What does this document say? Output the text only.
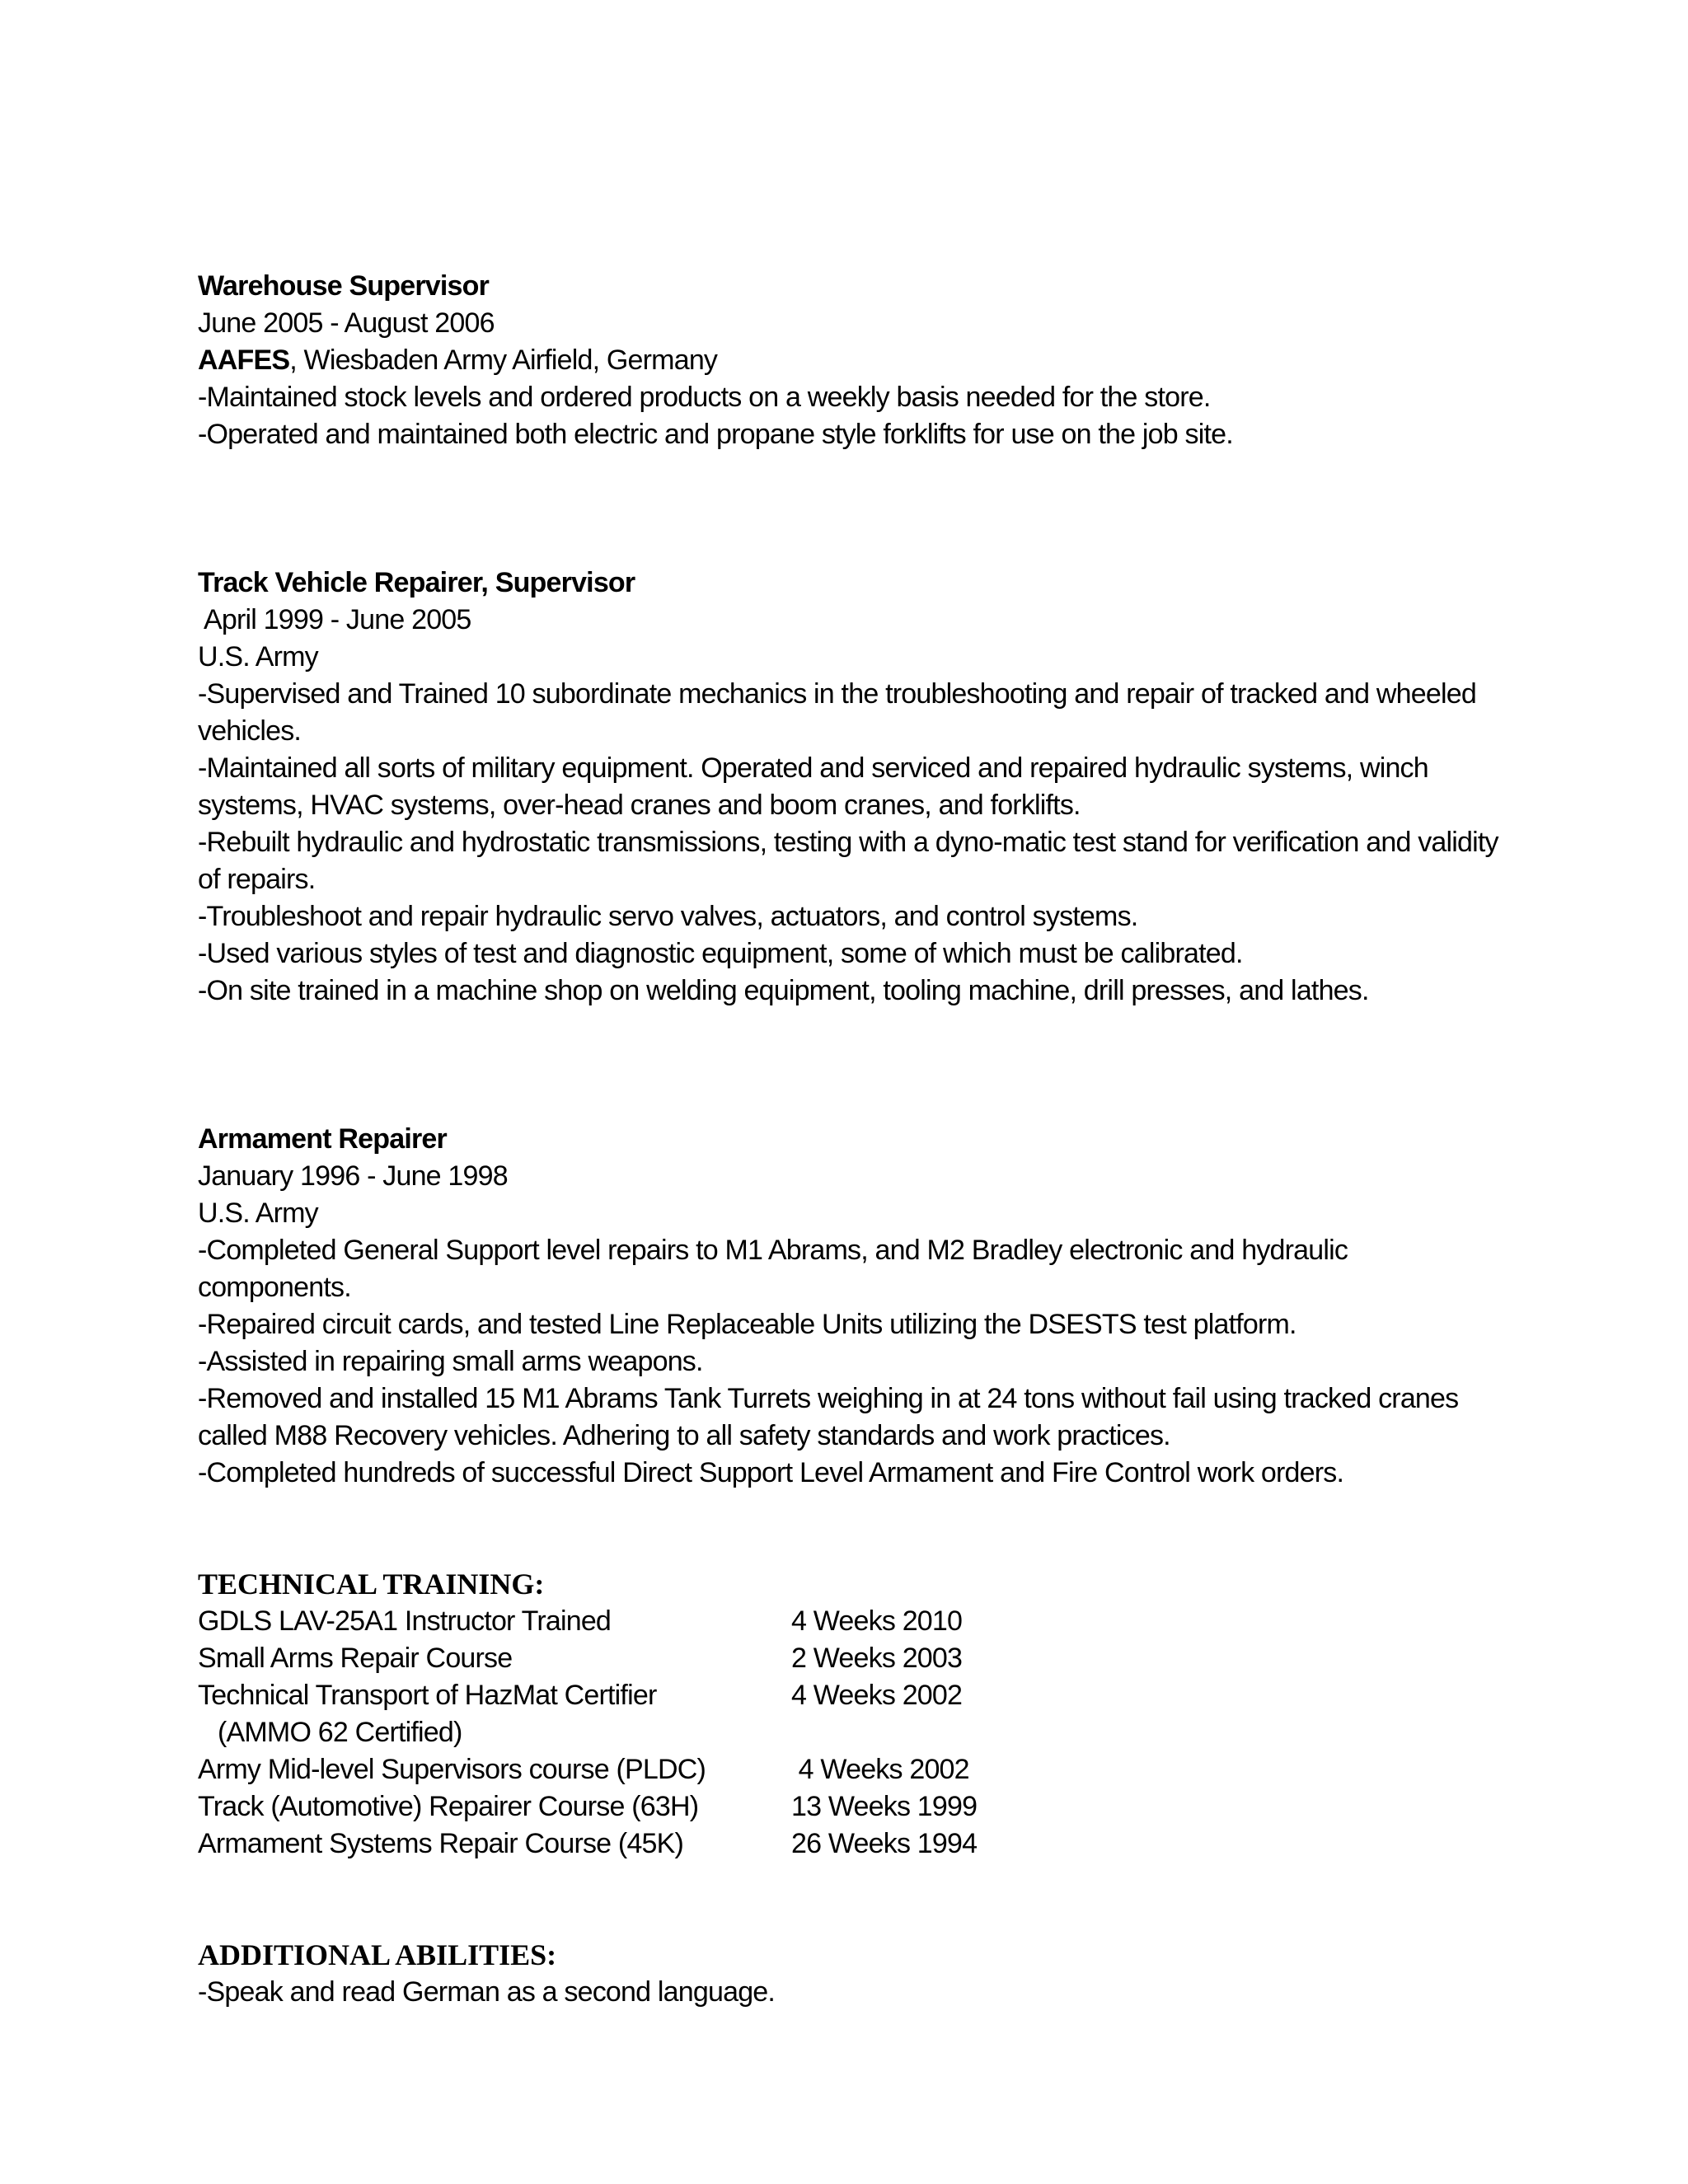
Warehouse Supervisor
June 2005 - August 2006
AAFES, Wiesbaden Army Airfield, Germany
-Maintained stock levels and ordered products on a weekly basis needed for the store.
-Operated and maintained both electric and propane style forklifts for use on the job site.
Track Vehicle Repairer, Supervisor
April 1999 - June 2005
U.S. Army
-Supervised and Trained 10 subordinate mechanics in the troubleshooting and repair of tracked and wheeled vehicles.
-Maintained all sorts of military equipment. Operated and serviced and repaired hydraulic systems, winch systems, HVAC systems, over-head cranes and boom cranes, and forklifts.
-Rebuilt hydraulic and hydrostatic transmissions, testing with a dyno-matic test stand for verification and validity of repairs.
-Troubleshoot and repair hydraulic servo valves, actuators, and control systems.
-Used various styles of test and diagnostic equipment, some of which must be calibrated.
-On site trained in a machine shop on welding equipment, tooling machine, drill presses, and lathes.
Armament Repairer
January 1996 - June 1998
U.S. Army
-Completed General Support level repairs to M1 Abrams, and M2 Bradley electronic and hydraulic components.
-Repaired circuit cards, and tested Line Replaceable Units utilizing the DSESTS test platform.
-Assisted in repairing small arms weapons.
-Removed and installed 15 M1 Abrams Tank Turrets weighing in at 24 tons without fail using tracked cranes called M88 Recovery vehicles. Adhering to all safety standards and work practices.
-Completed hundreds of successful Direct Support Level Armament and Fire Control work orders.
TECHNICAL TRAINING:
GDLS LAV-25A1 Instructor Trained	4 Weeks 2010
Small Arms Repair Course	2 Weeks 2003
Technical Transport of HazMat Certifier	4 Weeks 2002
(AMMO 62 Certified)
Army Mid-level Supervisors course (PLDC)	4 Weeks 2002
Track (Automotive) Repairer Course (63H)	13 Weeks 1999
Armament Systems Repair Course (45K)	26 Weeks 1994
ADDITIONAL ABILITIES:
-Speak and read German as a second language.
